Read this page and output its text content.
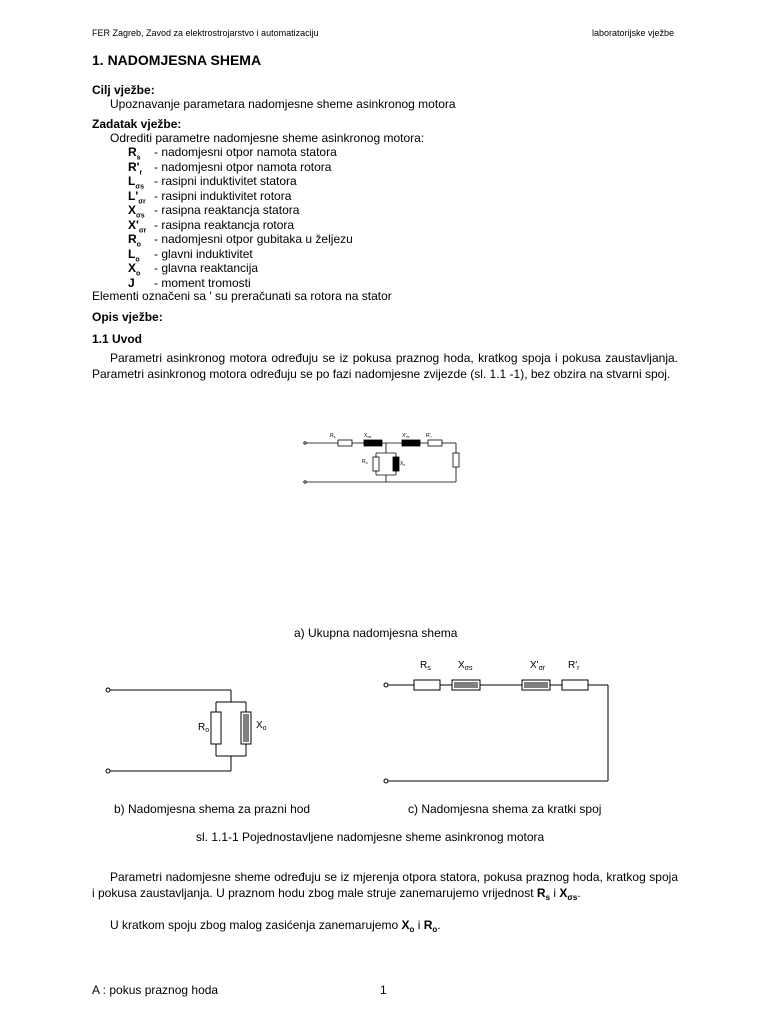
FER Zagreb, Zavod za elektrostrojarstvo i automatizaciju	laboratorijske vježbe
1. NADOMJESNA SHEMA
Cilj vježbe:
Upoznavanje parametara nadomjesne sheme asinkronog motora
Zadatak vježbe:
Odrediti parametre nadomjesne sheme asinkronog motora:
$R_s$ - nadomjesni otpor namota statora
$R'_r$ - nadomjesni otpor namota rotora
$L_{\sigma s}$ - rasipni induktivitet statora
$L'_{\sigma r}$ - rasipni induktivitet rotora
$X_{\sigma s}$ - rasipna reaktancja statora
$X'_{\sigma r}$ - rasipna reaktancja rotora
$R_o$ - nadomjesni otpor gubitaka u željezu
$L_o$ - glavni induktivitet
$X_o$ - glavna reaktancija
J - moment tromosti
Elementi označeni sa ' su preračunati sa rotora na stator
Opis vježbe:
1.1 Uvod
Parametri asinkronog motora određuju se iz pokusa praznog hoda, kratkog spoja i pokusa zaustavljanja. Parametri asinkronog motora određuju se po fazi nadomjesne zvijezde (sl. 1.1 -1), bez obzira na stvarni spoj.
$R_s$	$X_{\sigma s}$	$X'_{\sigma r}$	$R'_r$
$R_o$	$X_o$
a) Ukupna nadomjesna shema
$R_o$	$X_o$
$R_s$	$X_{\sigma s}$	$X'_{\sigma r}$ $R'_r$
b) Nadomjesna shema za prazni hod	c) Nadomjesna shema za kratki spoj
sl. 1.1-1 Pojednostavljene nadomjesne sheme asinkronog motora
Parametri nadomjesne sheme određuju se iz mjerenja otpora statora, pokusa praznog hoda, kratkog spoja i pokusa zaustavljanja. U praznom hodu zbog male struje zanemarujemo vrijednost $R_s$ i $X_{\sigma s}$.
U kratkom spoju zbog malog zasićenja zanemarujemo $X_o$ i $R_o$.
A : pokus praznog hoda	1
